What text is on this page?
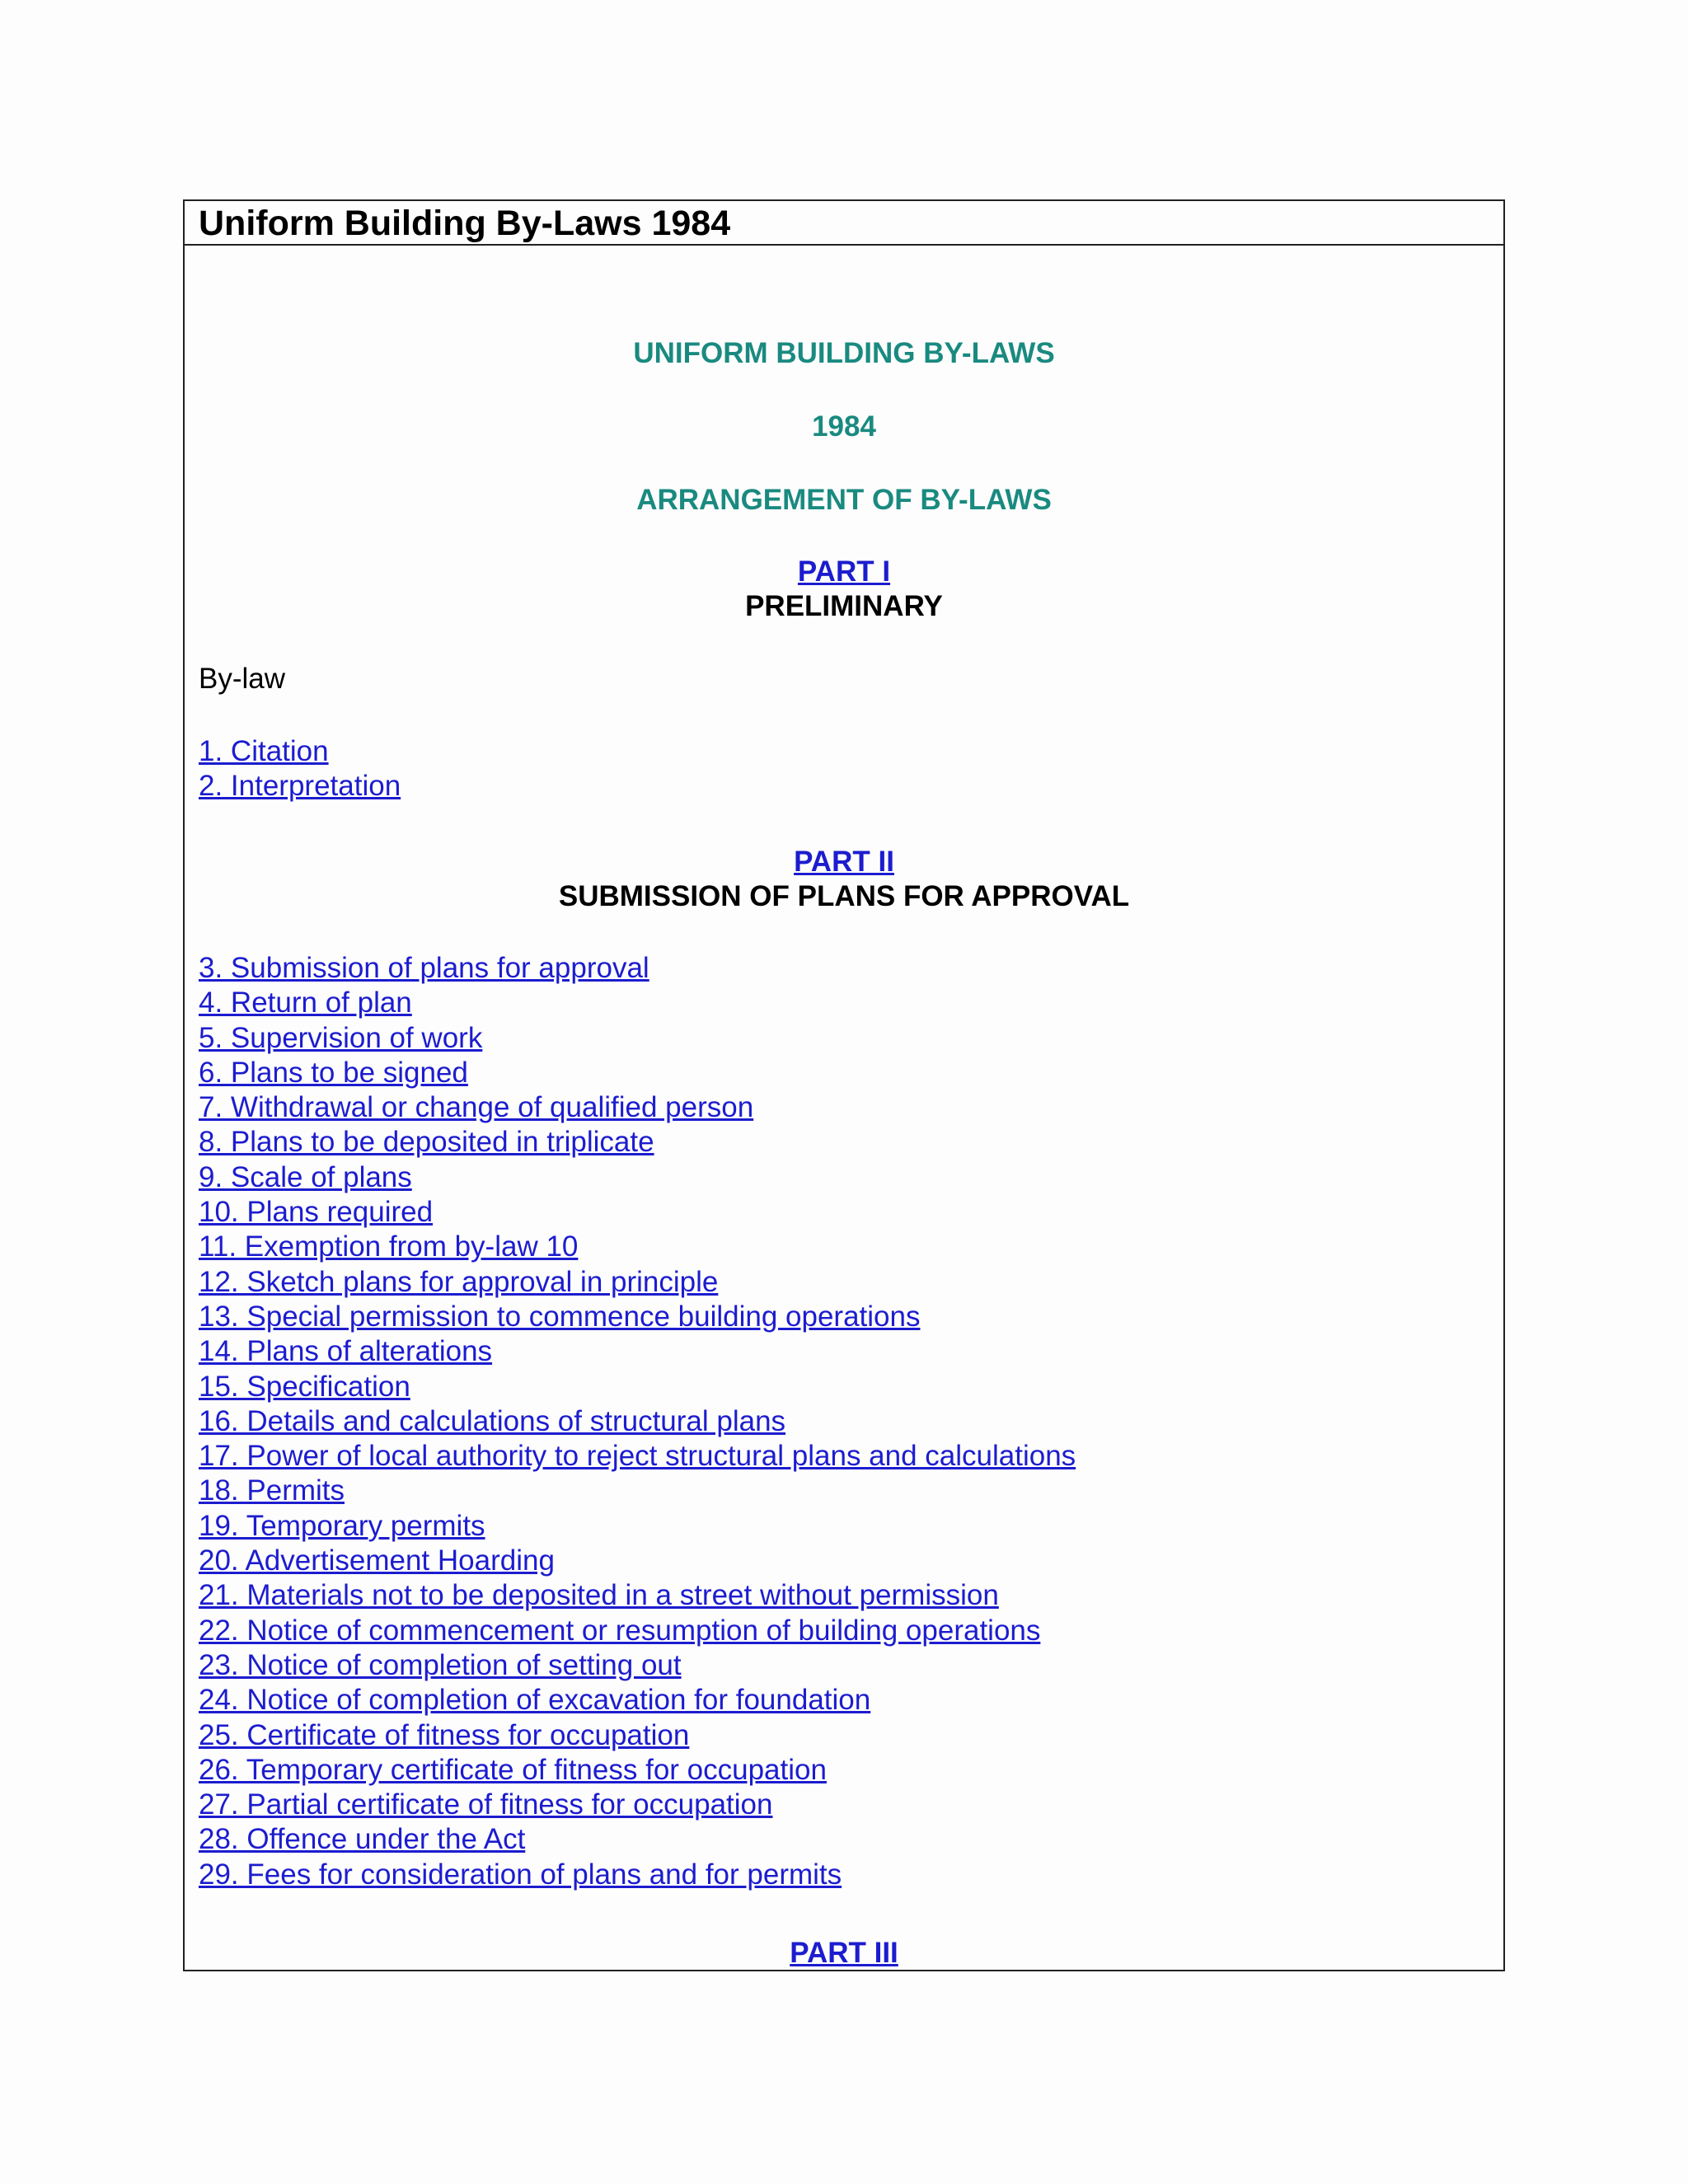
Uniform Building By-Laws 1984
UNIFORM BUILDING BY-LAWS
1984
ARRANGEMENT OF BY-LAWS
PART I
PRELIMINARY
By-law
1. Citation
2. Interpretation
PART II
SUBMISSION OF PLANS FOR APPROVAL
3. Submission of plans for approval
4. Return of plan
5. Supervision of work
6. Plans to be signed
7. Withdrawal or change of qualified person
8. Plans to be deposited in triplicate
9. Scale of plans
10. Plans required
11. Exemption from by-law 10
12. Sketch plans for approval in principle
13. Special permission to commence building operations
14. Plans of alterations
15. Specification
16. Details and calculations of structural plans
17. Power of local authority to reject structural plans and calculations
18. Permits
19. Temporary permits
20. Advertisement Hoarding
21. Materials not to be deposited in a street without permission
22. Notice of commencement or resumption of building operations
23. Notice of completion of setting out
24. Notice of completion of excavation for foundation
25. Certificate of fitness for occupation
26. Temporary certificate of fitness for occupation
27. Partial certificate of fitness for occupation
28. Offence under the Act
29. Fees for consideration of plans and for permits
PART III
